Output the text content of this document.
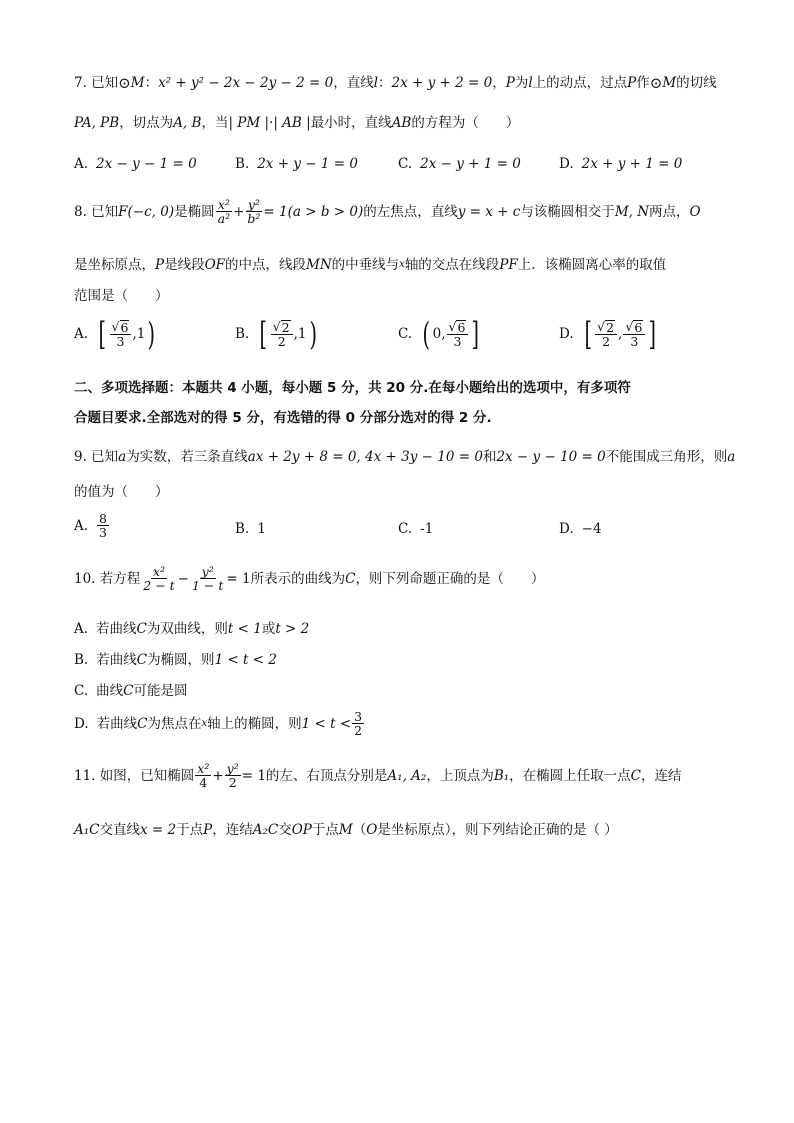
7. 已知 ⊙ M ： x² + y² − 2x − 2y − 2 = 0 ，直线 l ： 2x + y + 2 = 0 ， P 为 l 上的动点，过点 P 作 ⊙ M 的切线
PA, PB ，切点为 A, B ，当 | PM |·| AB | 最小时，直线 AB 的方程为（　　）
A. 2x − y − 1 = 0	B. 2x + y − 1 = 0	C. 2x − y + 1 = 0	D. 2x + y + 1 = 0
8. 已知 F(−c, 0) 是椭圆 $\frac{\text{x²}}{\text{a²}} + \frac{\text{y²}}{\text{b²}} = 1(a > b > 0)$ 的左焦点，直线 y = x + c 与该椭圆相交于 M, N 两点， O
是坐标原点， P 是线段 OF 的中点，线段 MN 的中垂线与 x 轴的交点在线段 PF 上．该椭圆离心率的取值
范围是（　　）
A. [ $\frac{√ 6}{3}$ , 1 )	B. [ $\frac{√ 2}{2}$ , 1 )	C. ( 0 , $\frac{√ 6}{3}$ ]	D. [ $\frac{√ 2}{2}$ , $\frac{√ 6}{3}$ ]
二、多项选择题：本题共 4 小题，每小题 5 分，共 20 分.在每小题给出的选项中，有多项符
合题目要求.全部选对的得 5 分，有选错的得 0 分部分选对的得 2 分.
9. 已知 a 为实数，若三条直线 ax + 2y + 8 = 0, 4x + 3y − 10 = 0 和 2x − y − 10 = 0 不能围成三角形，则 a
的值为（　　）
A. $\frac{8}{3}$	B. 1	C. -1	D. −4
10. 若方程 $\frac{\text{x²}}{2 - t} - \frac{\text{y²}}{1 - t} = 1$ 所表示的曲线为 C ，则下列命题正确的是（　　）
A. 若曲线 C 为双曲线，则 t < 1 或 t > 2
B. 若曲线 C 为椭圆，则 1 < t < 2
C. 曲线 C 可能是圆
D. 若曲线 C 为焦点在 x 轴上的椭圆，则 $1 < t < \frac{3}{2}$
11. 如图，已知椭圆 $\frac{\text{x²}}{4} + \frac{\text{y²}}{2} = 1$ 的左、右顶点分别是 A₁, A₂ ，上顶点为 B₁ ，在椭圆上任取一点 C ，连结
A₁C 交直线 x = 2 于点 P ，连结 A₂C 交 OP 于点 M （ O 是坐标原点），则下列结论正确的是（ ）
